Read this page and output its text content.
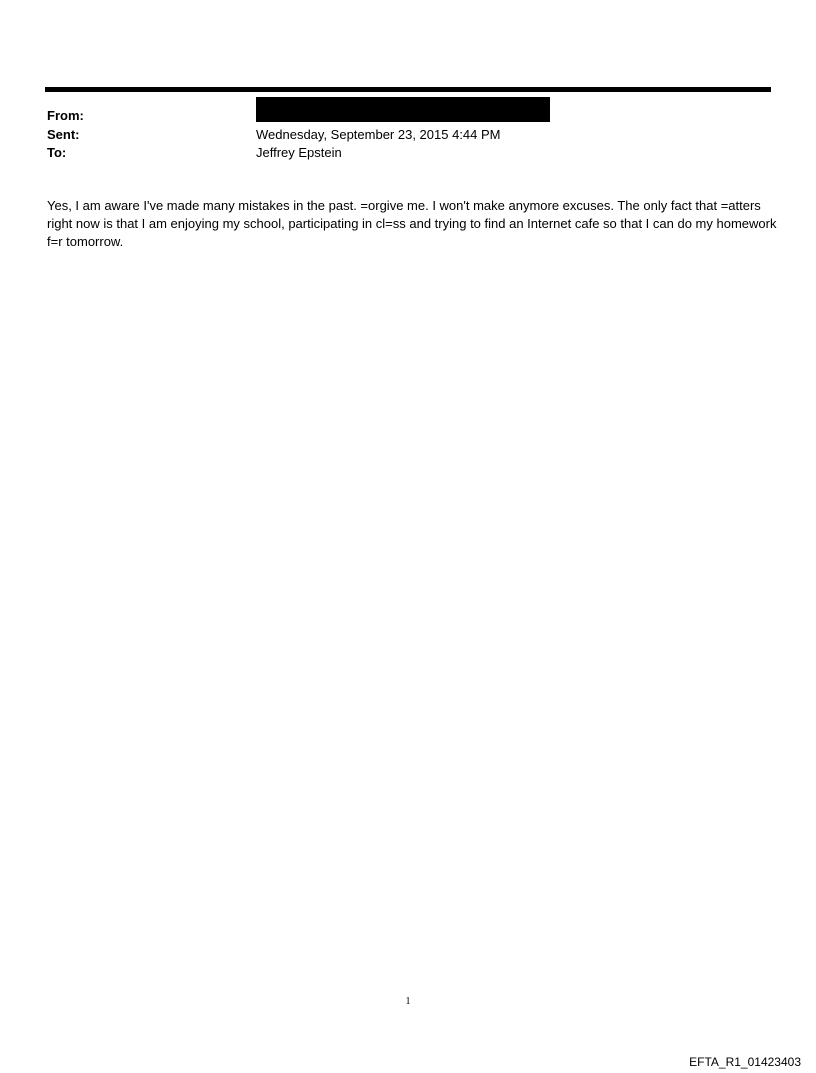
From:
Sent:	Wednesday, September 23, 2015 4:44 PM
To:	Jeffrey Epstein
Yes, I am aware I've made many mistakes in the past. =orgive me. I won't make anymore excuses. The only fact that =atters right now is that I am enjoying my school, participating in cl=ss and trying to find an Internet cafe so that I can do my homework f=r tomorrow.
1
EFTA_R1_01423403
